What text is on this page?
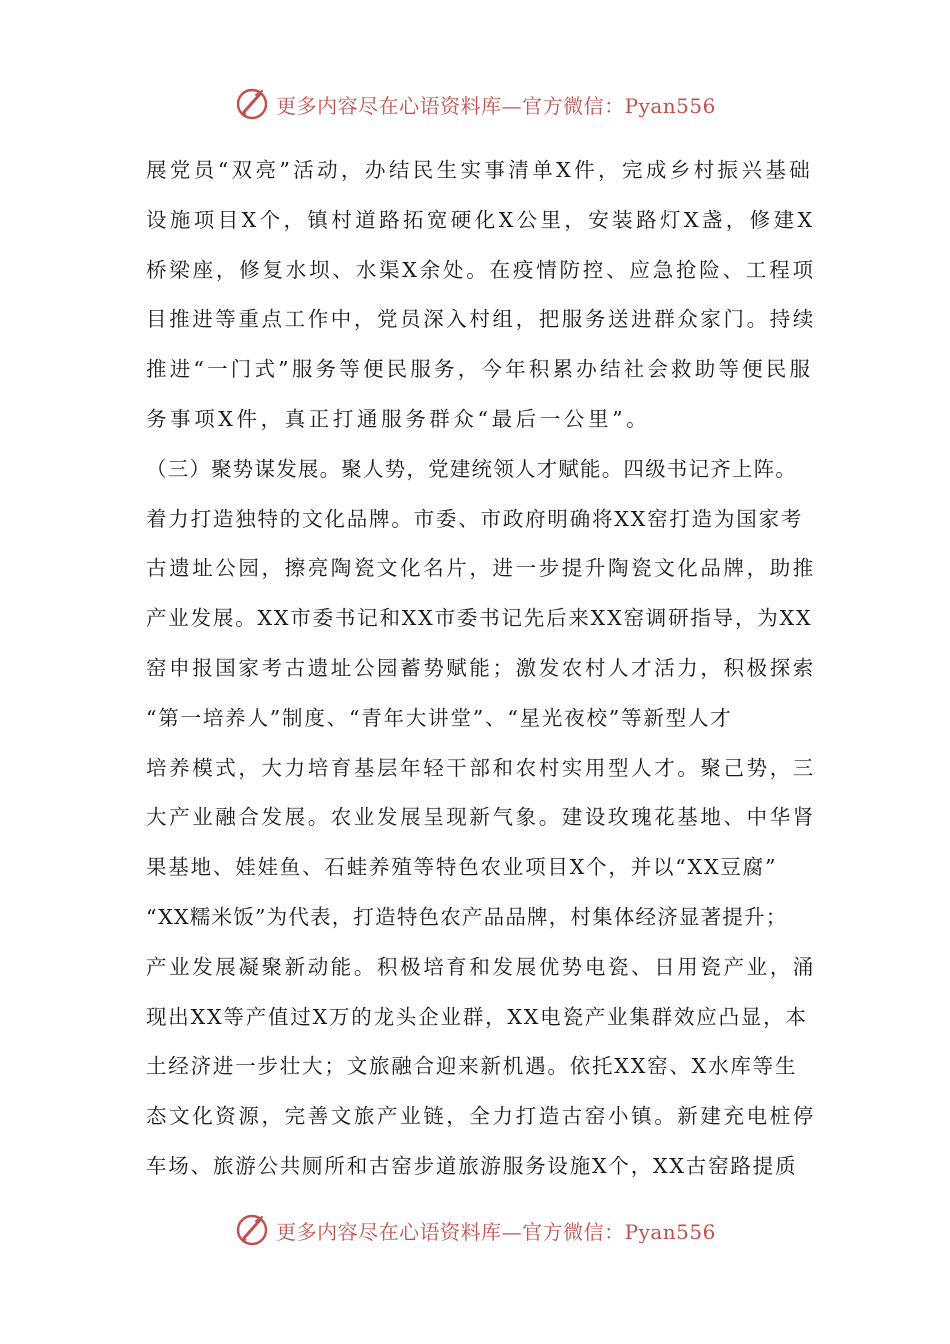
更多内容尽在心语资料库—官方微信：Pyan556
展党员“双亮”活动，办结民生实事清单X件，完成乡村振兴基础
设施项目X个，镇村道路拓宽硬化X公里，安装路灯X盏，修建X
桥梁座，修复水坝、水渠X余处。在疫情防控、应急抢险、工程项
目推进等重点工作中，党员深入村组，把服务送进群众家门。持续
推进“一门式”服务等便民服务，今年积累办结社会救助等便民服
务事项X件，真正打通服务群众“最后一公里”。
（三）聚势谋发展。聚人势，党建统领人才赋能。四级书记齐上阵。
着力打造独特的文化品牌。市委、市政府明确将XX窑打造为国家考
古遗址公园，擦亮陶瓷文化名片，进一步提升陶瓷文化品牌，助推
产业发展。XX市委书记和XX市委书记先后来XX窑调研指导，为XX
窑申报国家考古遗址公园蓄势赋能；激发农村人才活力，积极探索
“第一培养人”制度、“青年大讲堂”、“星光夜校”等新型人才
培养模式，大力培育基层年轻干部和农村实用型人才。聚己势，三
大产业融合发展。农业发展呈现新气象。建设玫瑰花基地、中华肾
果基地、娃娃鱼、石蛙养殖等特色农业项目X个，并以“XX豆腐”
“XX糯米饭”为代表，打造特色农产品品牌，村集体经济显著提升；
产业发展凝聚新动能。积极培育和发展优势电瓷、日用瓷产业，涌
现出XX等产值过X万的龙头企业群，XX电瓷产业集群效应凸显，本
土经济进一步壮大；文旅融合迎来新机遇。依托XX窑、X水库等生
态文化资源，完善文旅产业链，全力打造古窑小镇。新建充电桩停
车场、旅游公共厕所和古窑步道旅游服务设施X个，XX古窑路提质
更多内容尽在心语资料库—官方微信：Pyan556
